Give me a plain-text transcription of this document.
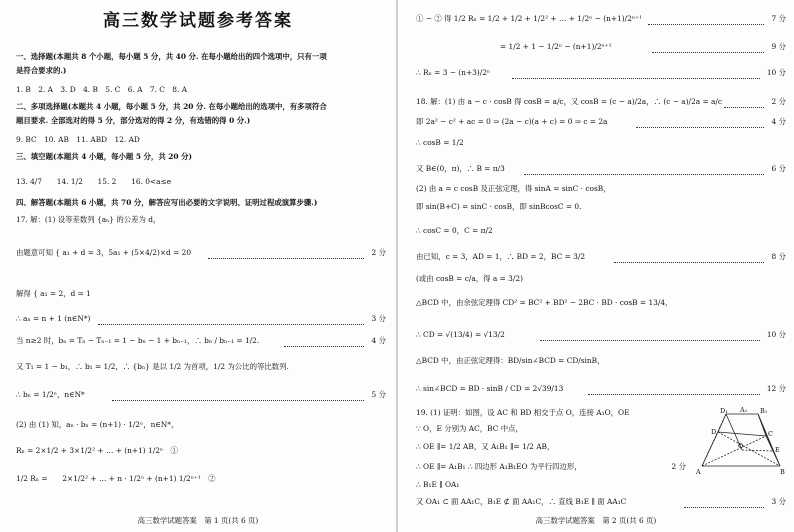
高三数学试题参考答案
一、选择题(本题共 8 个小题，每小题 5 分，共 40 分. 在每小题给出的四个选项中，只有一项
是符合要求的.)
1. B　2. A　3. D　4. B　5. C　6. A　7. C　8. A
二、多项选择题(本题共 4 小题，每小题 5 分，共 20 分. 在每小题给出的选项中，有多项符合
题目要求. 全部选对的得 5 分，部分选对的得 2 分，有选错的得 0 分.)
9. BC　10. AB　11. ABD　12. AD
三、填空题(本题共 4 小题，每小题 5 分，共 20 分)
13. 4/7　　14. 1/2　　15. 2　　16. 0<a≤e
四、解答题(本题共 6 小题，共 70 分，解答应写出必要的文字说明、证明过程或演算步骤.)
17. 解：(1) 设等差数列 {aₙ} 的公差为 d，
由题意可知 { a₁ + d = 3，5a₁ + (5×4/2)×d = 20	2 分
解得 { a₁ = 2，d = 1
∴ aₙ = n + 1 (n∈N*)	3 分
当 n≥2 时，bₙ = Tₙ − Tₙ₋₁ = 1 − bₙ − 1 + bₙ₋₁，∴ bₙ / bₙ₋₁ = 1/2.	4 分
又 T₁ = 1 − b₁，∴ b₁ = 1/2，∴ {bₙ} 是以 1/2 为首项，1/2 为公比的等比数列.
∴ bₙ = 1/2ⁿ，n∈N*	5 分
(2) 由 (1) 知，aₙ · bₙ = (n+1) · 1/2ⁿ，n∈N*，
Rₙ = 2×1/2 + 3×1/2² + … + (n+1) 1/2ⁿ　①
1/2 Rₙ =　　2×1/2² + … + n · 1/2ⁿ + (n+1) 1/2ⁿ⁺¹　②
高三数学试题答案　第 1 页(共 6 页)
① − ② 得 1/2 Rₙ = 1/2 + 1/2 + 1/2² + … + 1/2ⁿ − (n+1)/2ⁿ⁺¹	7 分
= 1/2 + 1 − 1/2ⁿ − (n+1)/2ⁿ⁺¹	9 分
∴ Rₙ = 3 − (n+3)/2ⁿ	10 分
18. 解：(1) 由 a − c · cosB 得 cosB = a/c，又 cosB = (c − a)/2a，∴ (c − a)/2a = a/c	2 分
即 2a² − c² + ac = 0 ⇒ (2a − c)(a + c) = 0 ⇒ c = 2a	4 分
∴ cosB = 1/2
又 B∈(0，π)，∴ B = π/3	6 分
(2) 由 a = c cosB 及正弦定理，得 sinA = sinC · cosB，
即 sin(B+C) = sinC · cosB，即 sinBcosC = 0.
∴ cosC = 0，C = π/2
由已知，c = 3，AD = 1，∴ BD = 2，BC = 3/2	8 分
(或由 cosB = c/a，得 a = 3/2)
△BCD 中，由余弦定理得 CD² = BC² + BD² − 2BC · BD · cosB = 13/4，
∴ CD = √(13/4) = √13/2	10 分
△BCD 中，由正弦定理得：BD/sin∠BCD = CD/sinB，
∴ sin∠BCD = BD · sinB / CD = 2√39/13	12 分
19. (1) 证明：如图，设 AC 和 BD 相交于点 O，连接 A₁O，OE
∵ O，E 分别为 AC，BC 中点，
∴ OE ∥= 1/2 AB，又 A₁B₁ ∥= 1/2 AB，
∴ OE ∥= A₁B₁ ∴ 四边形 A₁B₁EO 为平行四边形，	2 分
∴ B₁E ∥ OA₁
又 OA₁ ⊂ 面 AA₁C，B₁E ⊄ 面 AA₁C，∴ 直线 B₁E ∥ 面 AA₁C	3 分
D₁ A₁ B₁
D	C
O	E
A	B
高三数学试题答案　第 2 页(共 6 页)
